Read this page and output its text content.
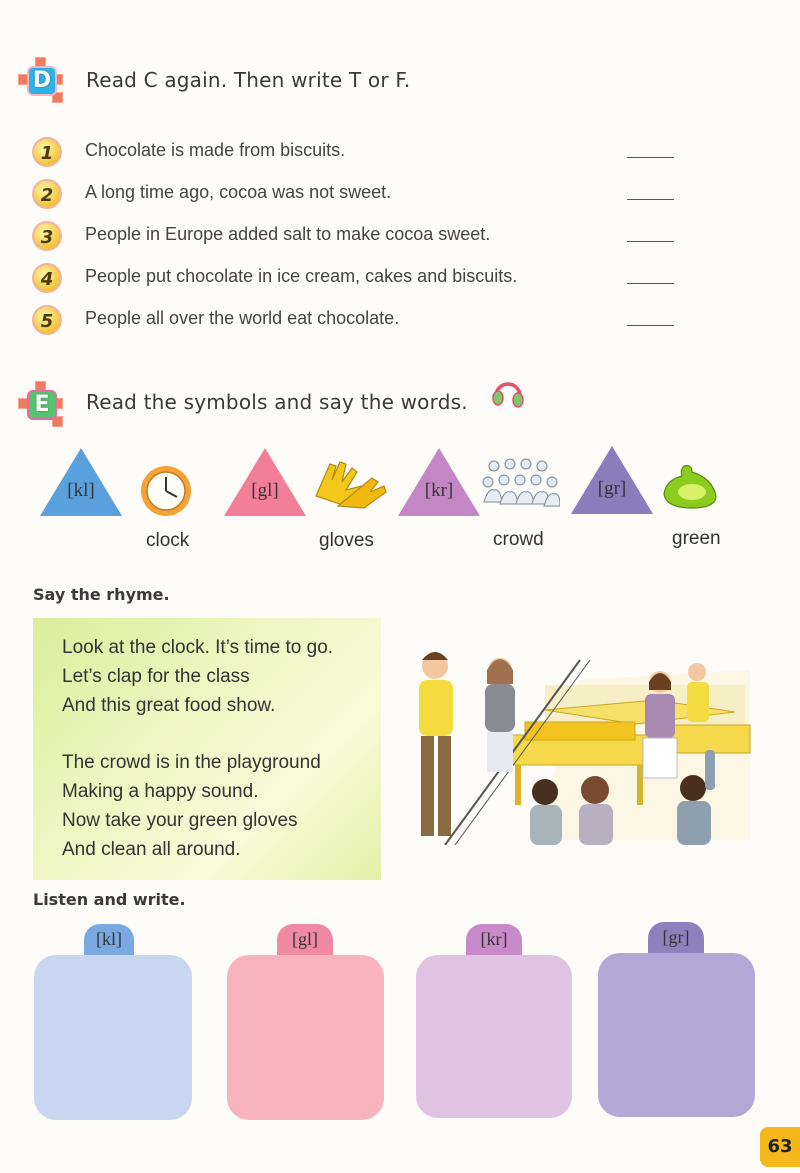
D Read C again. Then write T or F.
1	Chocolate is made from biscuits.
2	A long time ago, cocoa was not sweet.
3	People in Europe added salt to make cocoa sweet.
4	People put chocolate in ice cream, cakes and biscuits.
5	People all over the world eat chocolate.
E	Read the symbols and say the words.
[kl]
clock
[gl]
gloves
[kr]
crowd
[gr]
green
Say the rhyme.
Look at the clock. It’s time to go.
Let’s clap for the class
And this great food show.
The crowd is in the playground
Making a happy sound.
Now take your green gloves
And clean all around.
Listen and write.
[kl]	[gl]	[kr]	[gr]
63
